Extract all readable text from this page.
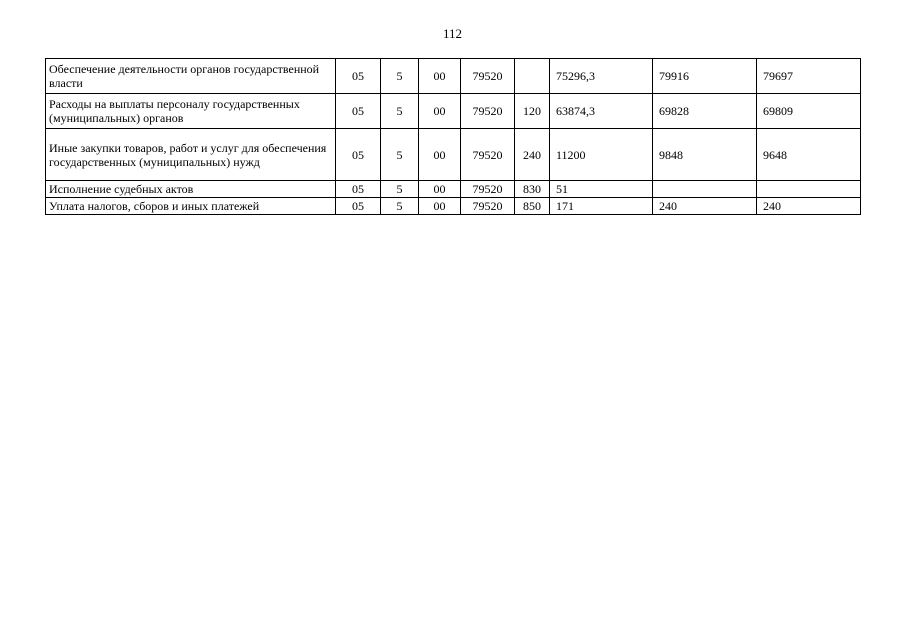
112
Обеспечение деятельности органов государственной власти	05	5	00	79520		75296,3	79916	79697
Расходы на выплаты персоналу государственных (муниципальных) органов	05	5	00	79520	120	63874,3	69828	69809
Иные закупки товаров, работ и услуг для обеспечения государственных (муниципальных) нужд	05	5	00	79520	240	11200	9848	9648
Исполнение судебных актов	05	5	00	79520	830	51		
Уплата налогов, сборов и иных платежей	05	5	00	79520	850	171	240	240
